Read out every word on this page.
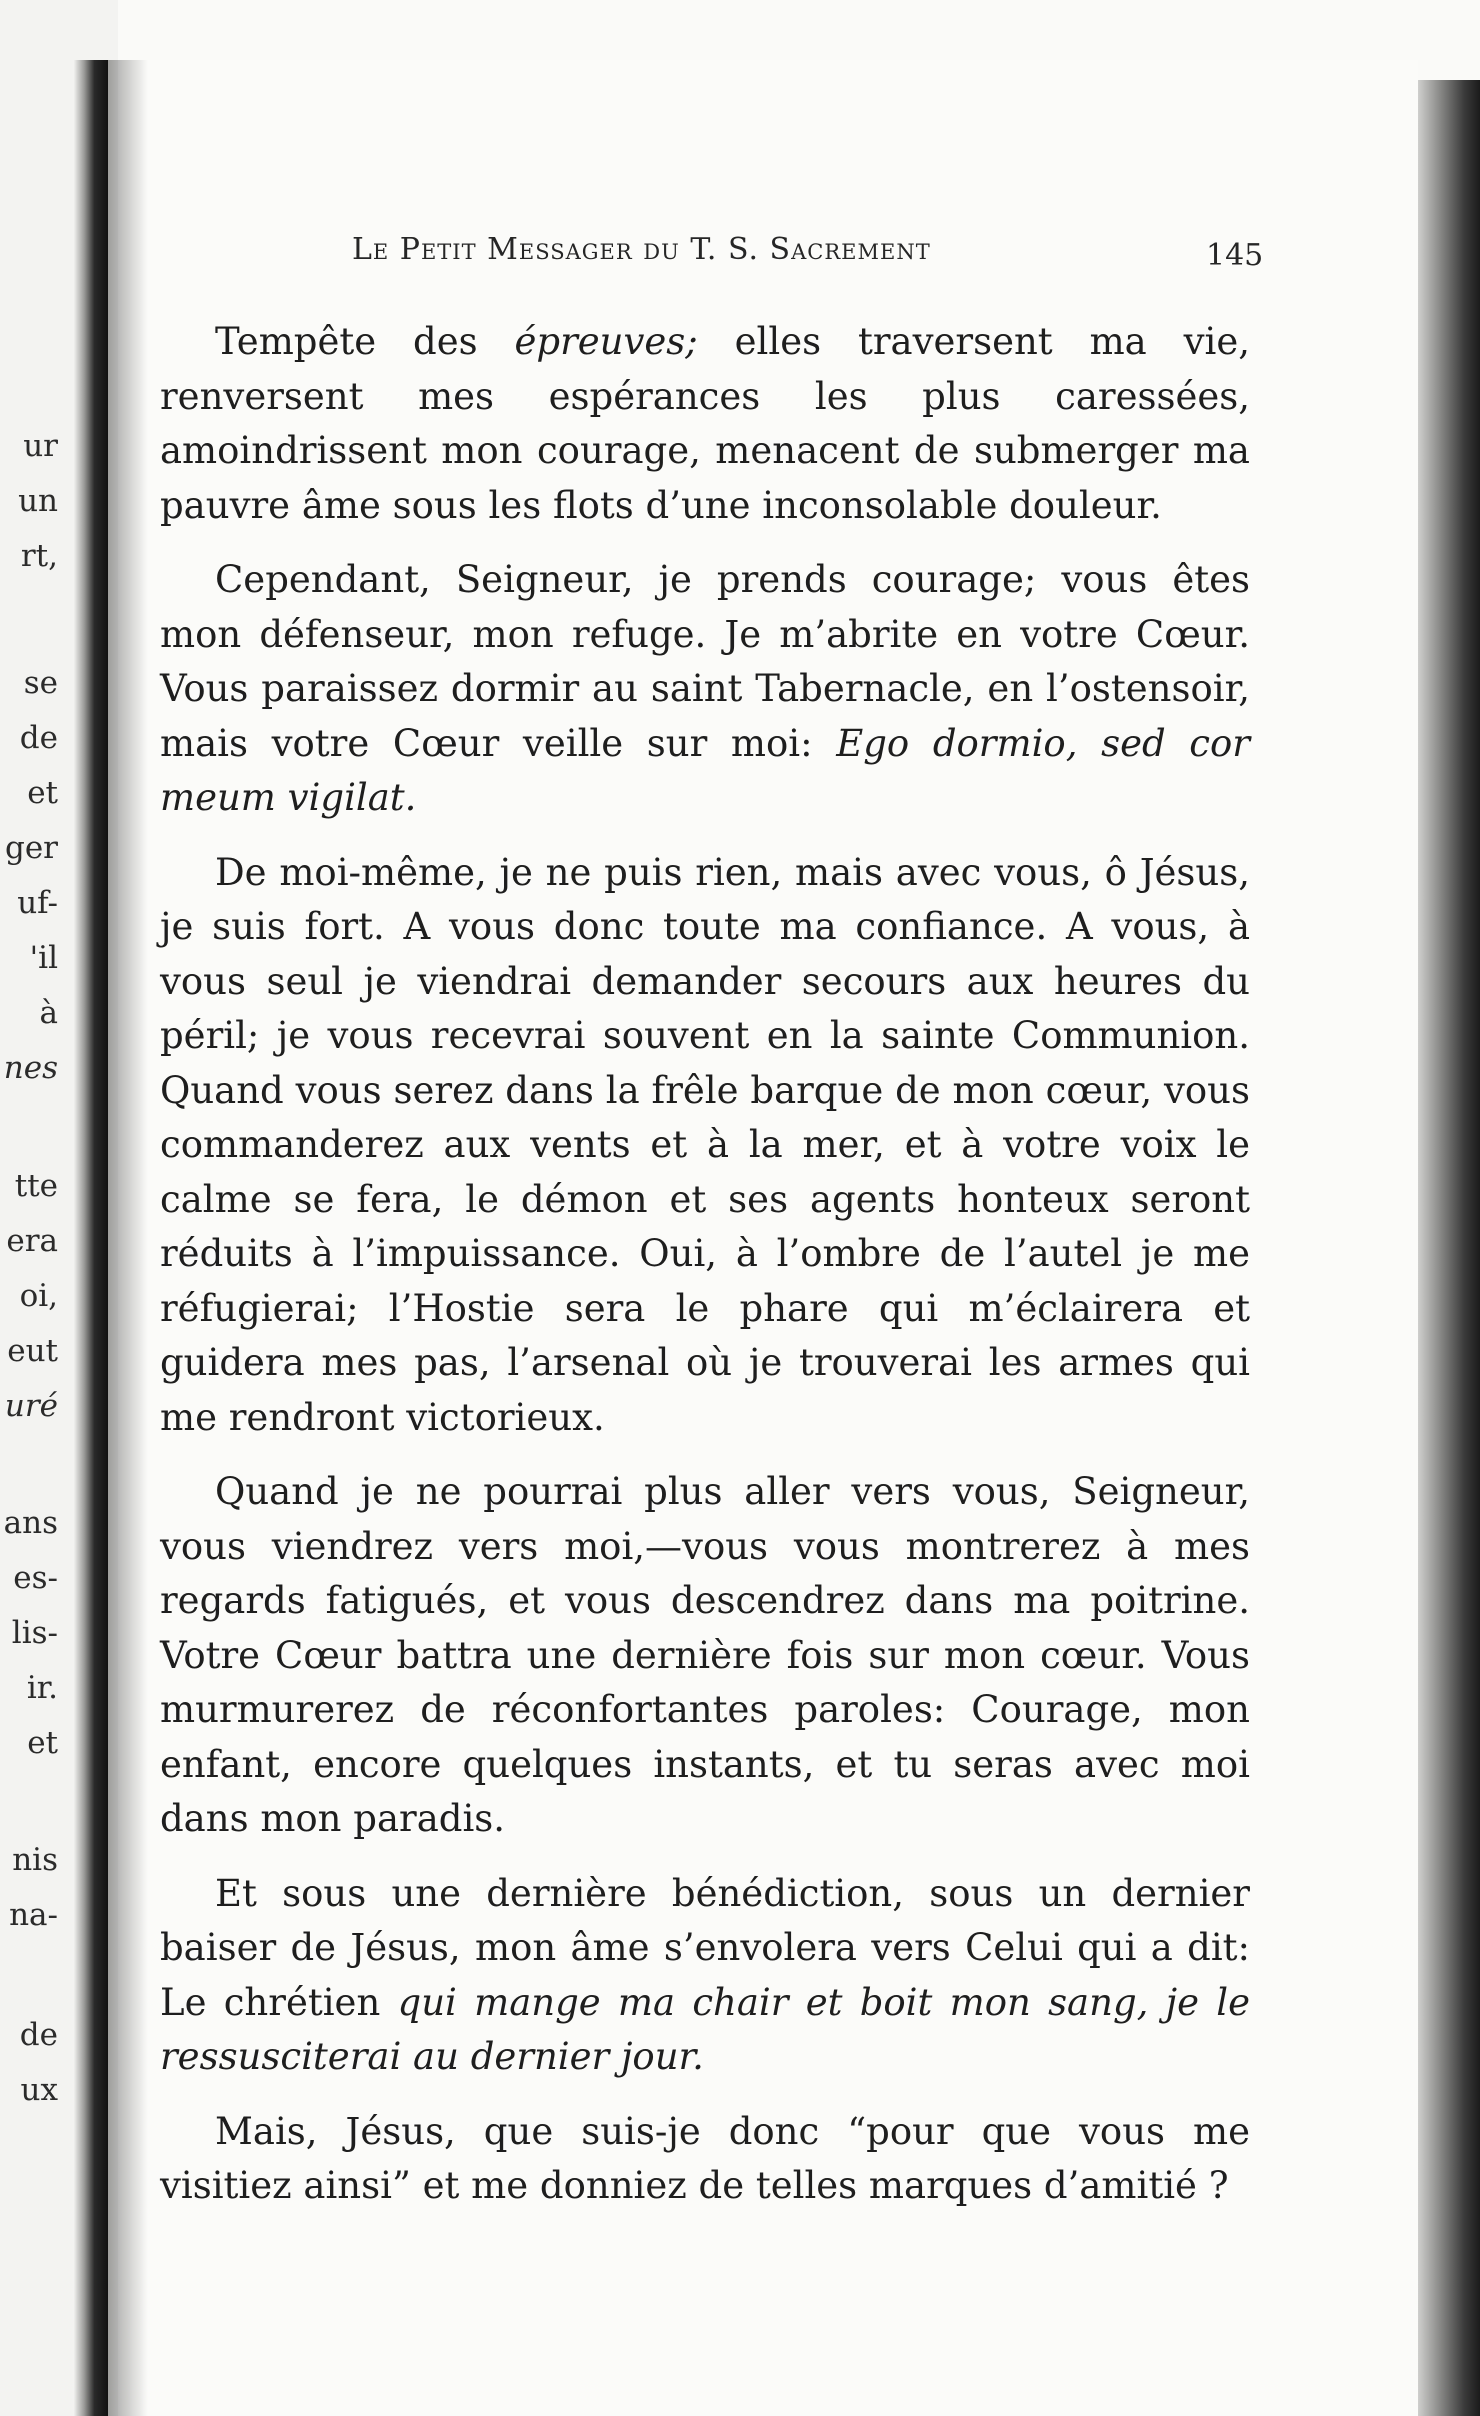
ur
un
rt,
se
de
et
ger
uf-
'il
à
nes
tte
era
oi,
eut
uré
ans
es-
lis-
ir.
et
nis
na-
de
ux
Le Petit Messager du T. S. Sacrement	145

Tempête des épreuves; elles traversent ma vie, renversent mes espérances les plus caressées, amoindrissent mon courage, menacent de submerger ma pauvre âme sous les flots d’une inconsolable douleur.

Cependant, Seigneur, je prends courage; vous êtes mon défenseur, mon refuge. Je m’abrite en votre Cœur. Vous paraissez dormir au saint Tabernacle, en l’ostensoir, mais votre Cœur veille sur moi: Ego dormio, sed cor meum vigilat.

De moi-même, je ne puis rien, mais avec vous, ô Jésus, je suis fort. A vous donc toute ma confiance. A vous, à vous seul je viendrai demander secours aux heures du péril; je vous recevrai souvent en la sainte Communion. Quand vous serez dans la frêle barque de mon cœur, vous commanderez aux vents et à la mer, et à votre voix le calme se fera, le démon et ses agents honteux seront réduits à l’impuissance. Oui, à l’ombre de l’autel je me réfugierai; l’Hostie sera le phare qui m’éclairera et guidera mes pas, l’arsenal où je trouverai les armes qui me rendront victorieux.

Quand je ne pourrai plus aller vers vous, Seigneur, vous viendrez vers moi,—vous vous montrerez à mes regards fatigués, et vous descendrez dans ma poitrine. Votre Cœur battra une dernière fois sur mon cœur. Vous murmurerez de réconfortantes paroles: Courage, mon enfant, encore quelques instants, et tu seras avec moi dans mon paradis.

Et sous une dernière bénédiction, sous un dernier baiser de Jésus, mon âme s’envolera vers Celui qui a dit: Le chrétien qui mange ma chair et boit mon sang, je le ressusciterai au dernier jour.

Mais, Jésus, que suis-je donc “pour que vous me visitiez ainsi” et me donniez de telles marques d’amitié ?
